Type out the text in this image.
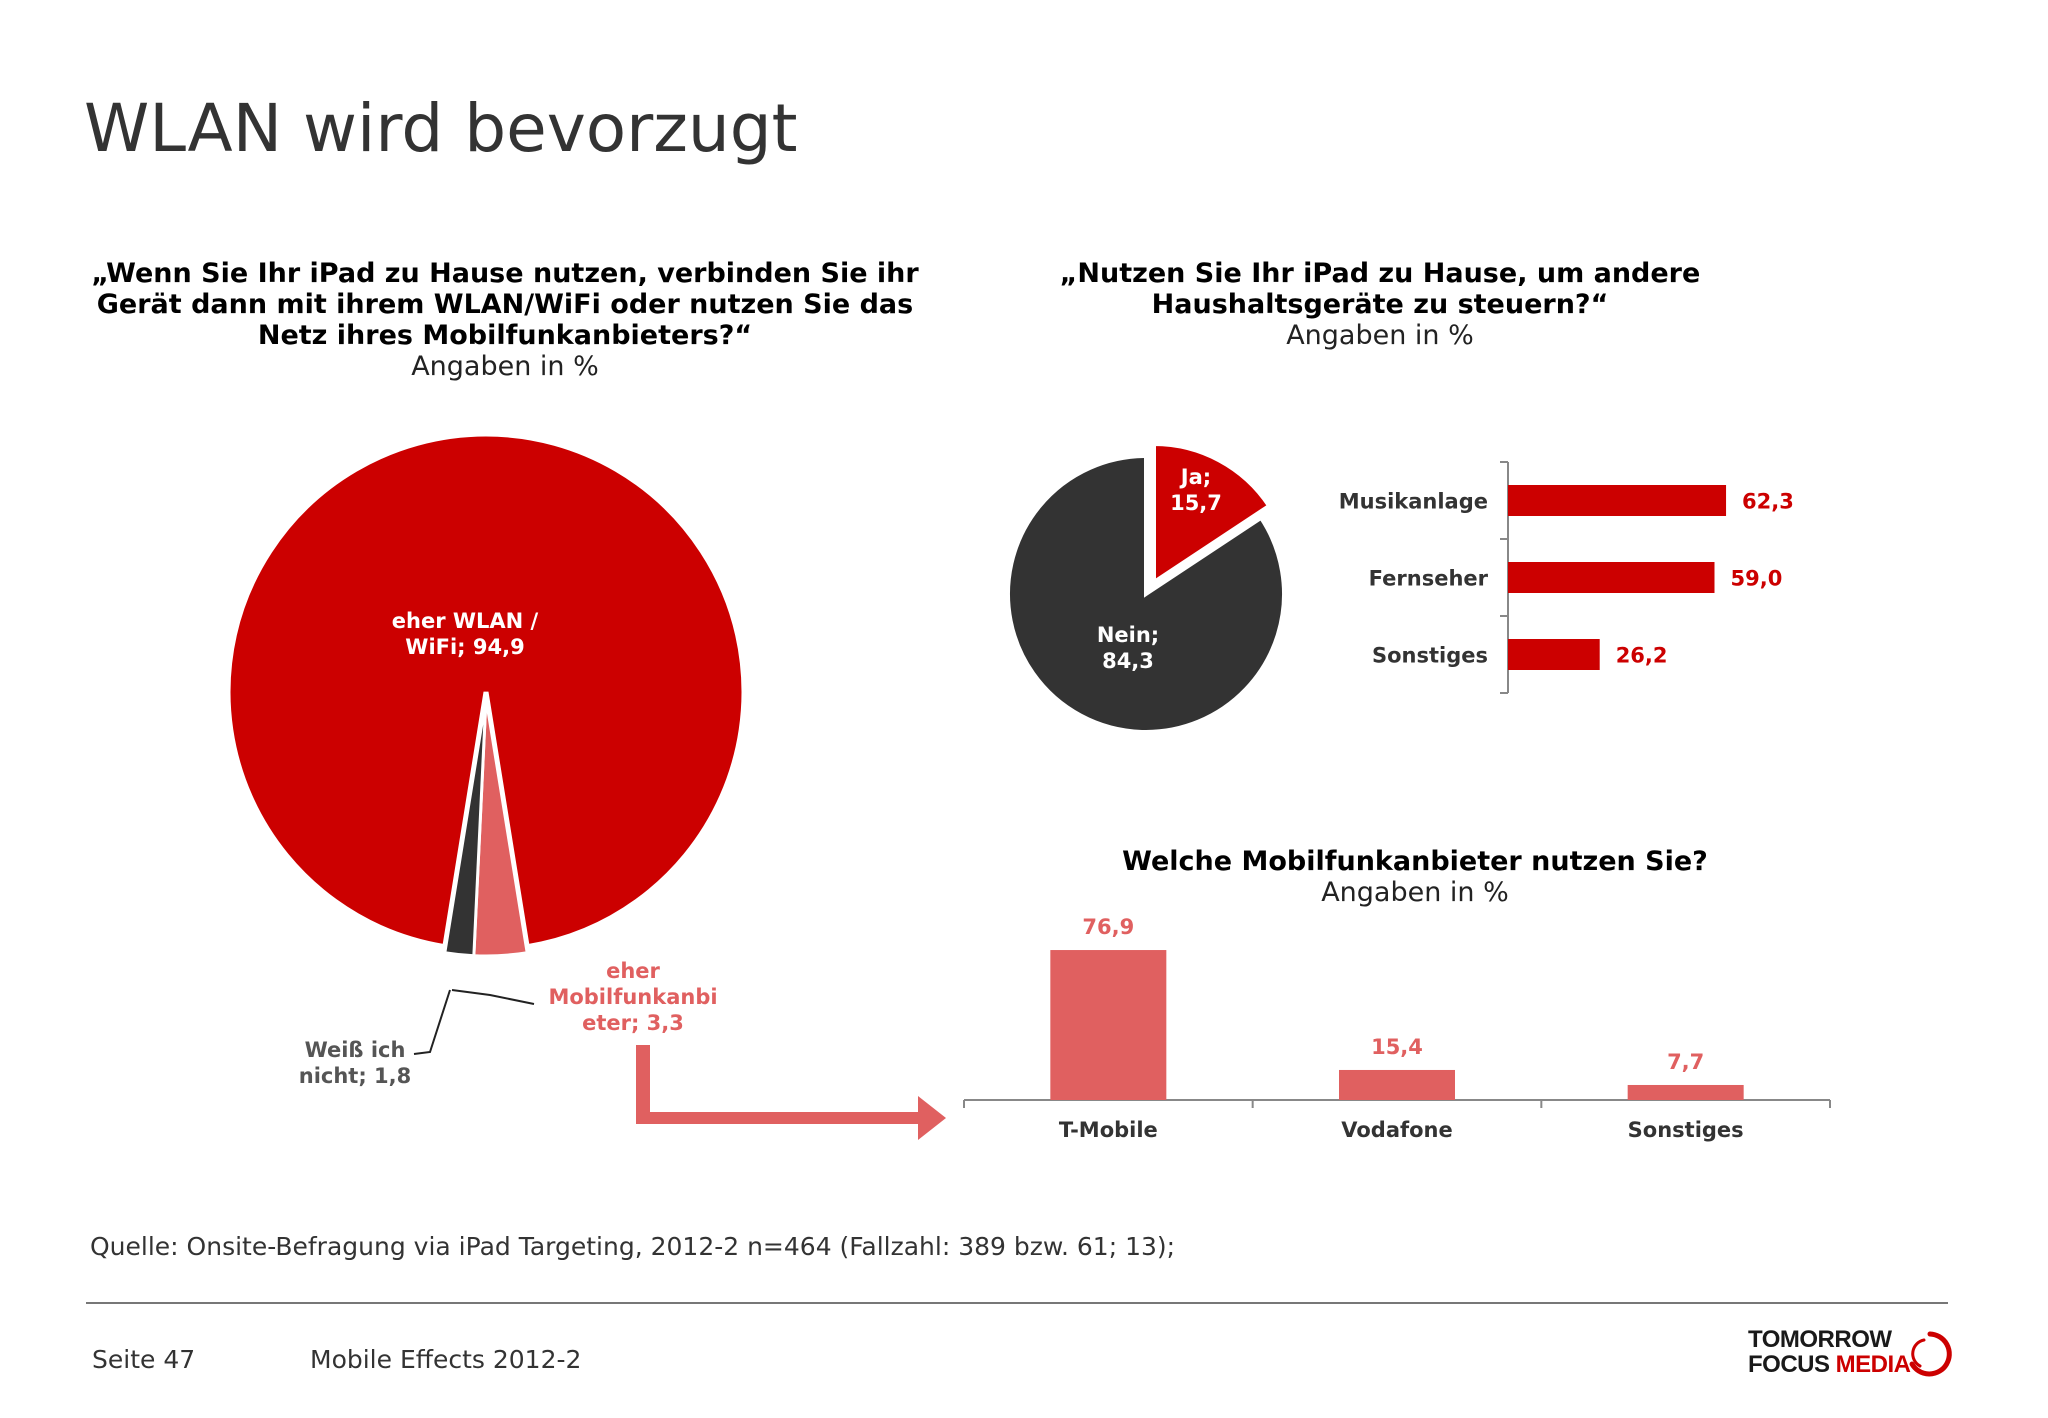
WLAN wird bevorzugt
„Wenn Sie Ihr iPad zu Hause nutzen, verbinden Sie ihr Gerät dann mit ihrem WLAN/WiFi oder nutzen Sie das Netz ihres Mobilfunkanbieters?“
Angaben in %
„Nutzen Sie Ihr iPad zu Hause, um andere Haushaltsgeräte zu steuern?“
Angaben in %
Welche Mobilfunkanbieter nutzen Sie?
Angaben in %
eher WLAN / WiFi; 94,9
eher Mobilfunkanbi eter; 3,3
Weiß ich nicht; 1,8
Ja; 15,7
Nein; 84,3
Musikanlage	62,3
Fernseher	59,0
Sonstiges	26,2
76,9
T-Mobile
15,4
Vodafone
7,7
Sonstiges
Quelle: Onsite-Befragung via iPad Targeting, 2012-2 n=464 (Fallzahl: 389 bzw. 61; 13);
Seite 47	Mobile Effects 2012-2
TOMORROW
FOCUS MEDIA
